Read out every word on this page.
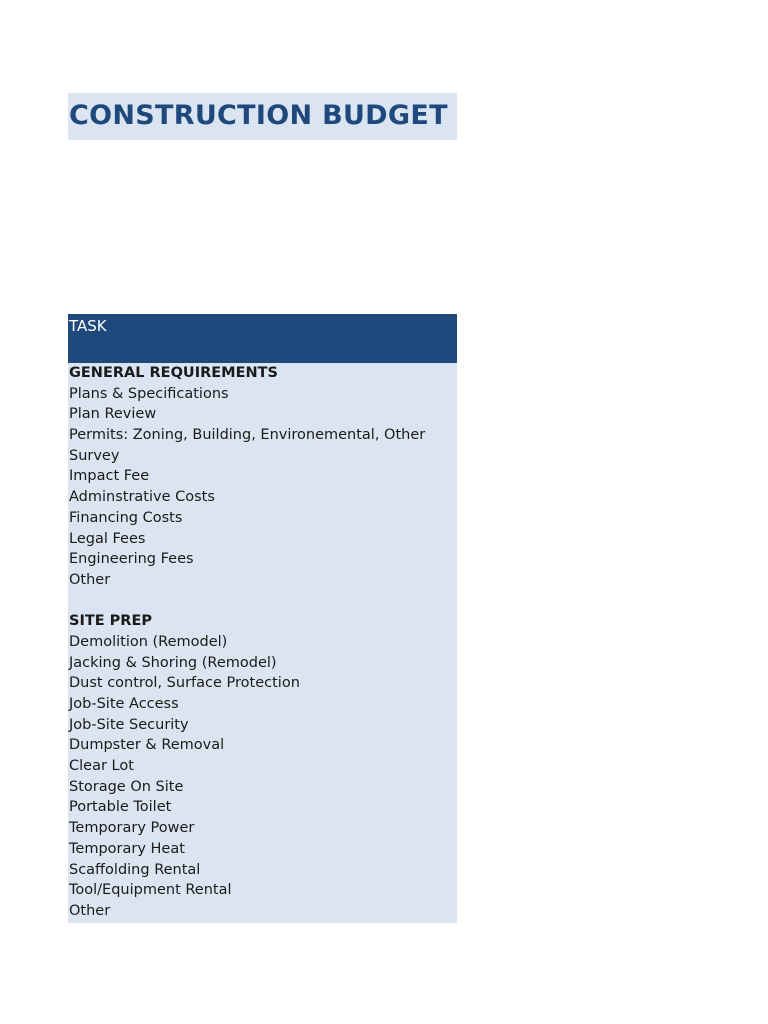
CONSTRUCTION BUDGET
TASK
GENERAL REQUIREMENTS
Plans & Specifications
Plan Review
Permits: Zoning, Building, Environemental, Other
Survey
Impact Fee
Adminstrative Costs
Financing Costs
Legal Fees
Engineering Fees
Other
SITE PREP
Demolition (Remodel)
Jacking & Shoring (Remodel)
Dust control, Surface Protection
Job-Site Access
Job-Site Security
Dumpster & Removal
Clear Lot
Storage On Site
Portable Toilet
Temporary Power
Temporary Heat
Scaffolding Rental
Tool/Equipment Rental
Other
